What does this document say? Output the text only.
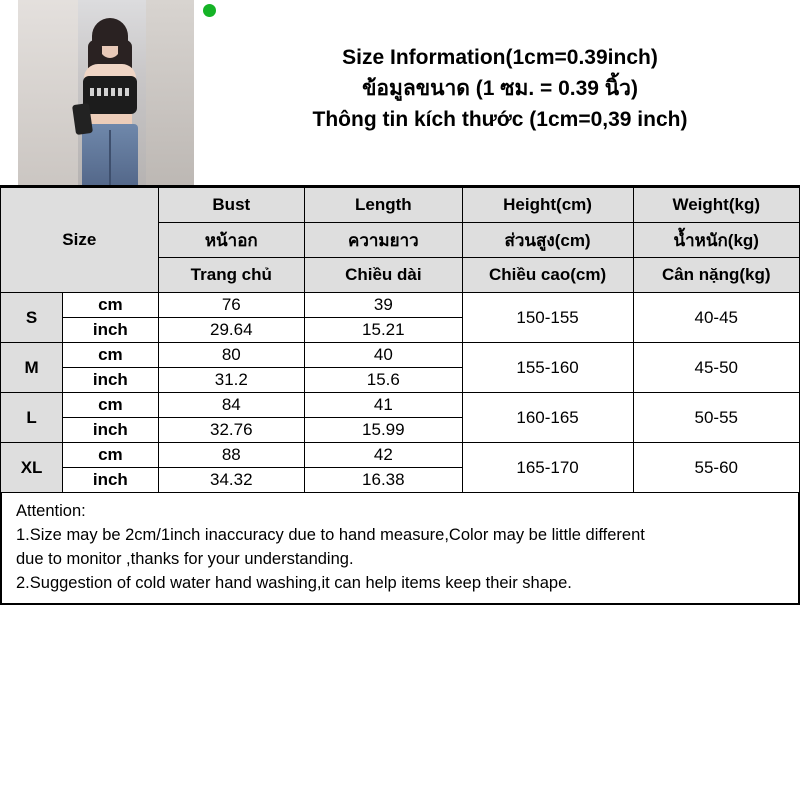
Size Information(1cm=0.39inch)
ข้อมูลขนาด (1 ซม. = 0.39 นิ้ว)
Thông tin kích thước (1cm=0,39 inch)
Size		Bust	Length	Height(cm)	Weight(kg)
		หน้าอก	ความยาว	ส่วนสูง(cm)	น้ำหนัก(kg)
		Trang chủ	Chiều dài	Chiều cao(cm)	Cân nặng(kg)
S	cm	76	39	150-155	40-45
	inch	29.64	15.21		
M	cm	80	40	155-160	45-50
	inch	31.2	15.6		
L	cm	84	41	160-165	50-55
	inch	32.76	15.99		
XL	cm	88	42	165-170	55-60
	inch	34.32	16.38		

Attention:

1.Size may be 2cm/1inch inaccuracy due to hand measure,Color may be little different

due to monitor ,thanks for your understanding.

2.Suggestion of cold water hand washing,it can help items keep their shape.
